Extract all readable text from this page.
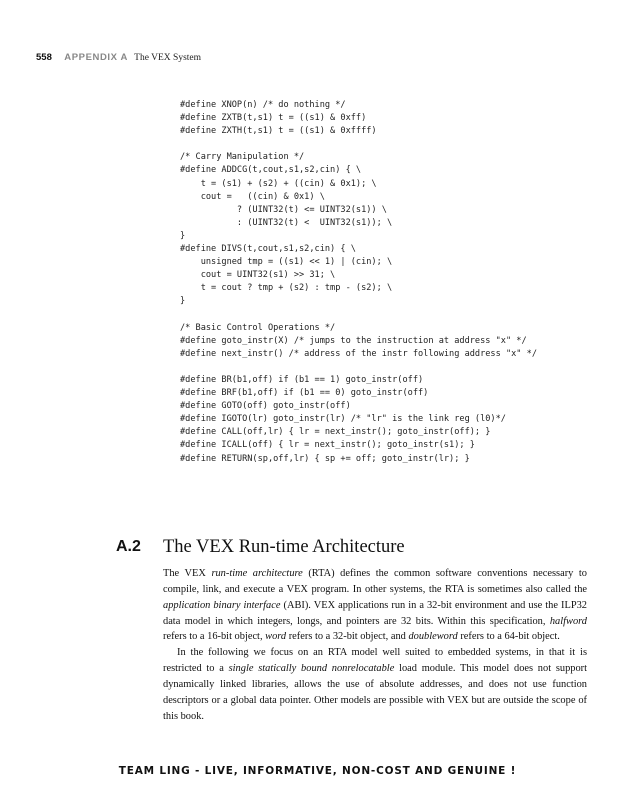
558 APPENDIX A The VEX System
#define XNOP(n) /* do nothing */
#define ZXTB(t,s1) t = ((s1) & 0xff)
#define ZXTH(t,s1) t = ((s1) & 0xffff)
/* Carry Manipulation */
#define ADDCG(t,cout,s1,s2,cin) { \
t = (s1) + (s2) + ((cin) & 0x1); \
cout =   ((cin) & 0x1) \
? (UINT32(t) <= UINT32(s1)) \
: (UINT32(t) <  UINT32(s1)); \
}
#define DIVS(t,cout,s1,s2,cin) { \
unsigned tmp = ((s1) << 1) | (cin); \
cout = UINT32(s1) >> 31; \
t = cout ? tmp + (s2) : tmp - (s2); \
}
/* Basic Control Operations */
#define goto_instr(X) /* jumps to the instruction at address "x" */
#define next_instr() /* address of the instr following address "x" */
#define BR(b1,off) if (b1 == 1) goto_instr(off)
#define BRF(b1,off) if (b1 == 0) goto_instr(off)
#define GOTO(off) goto_instr(off)
#define IGOTO(lr) goto_instr(lr) /* "lr" is the link reg (l0)*/
#define CALL(off,lr) { lr = next_instr(); goto_instr(off); }
#define ICALL(off) { lr = next_instr(); goto_instr(s1); }
#define RETURN(sp,off,lr) { sp += off; goto_instr(lr); }
A.2 The VEX Run-time Architecture

The VEX run-time architecture (RTA) defines the common software conventions necessary to compile, link, and execute a VEX program. In other systems, the RTA is sometimes also called the application binary interface (ABI). VEX applications run in a 32-bit environment and use the ILP32 data model in which integers, longs, and pointers are 32 bits. Within this specification, halfword refers to a 16-bit object, word refers to a 32-bit object, and doubleword refers to a 64-bit object.

In the following we focus on an RTA model well suited to embedded systems, in that it is restricted to a single statically bound nonrelocatable load module. This model does not support dynamically linked libraries, allows the use of absolute addresses, and does not use function descriptors or a global data pointer. Other models are possible with VEX but are outside the scope of this book.

TEAM LING - LIVE, INFORMATIVE, NON-COST AND GENUINE !
